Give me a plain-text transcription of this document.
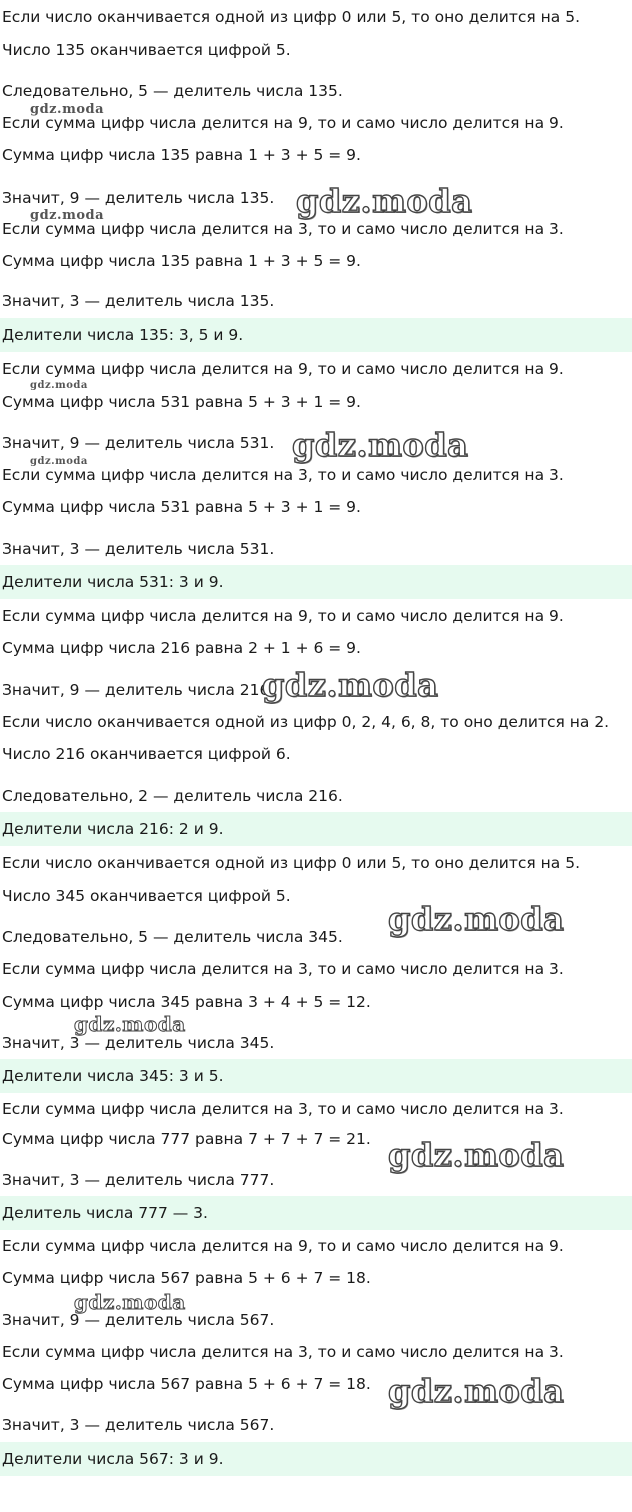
Если число оканчивается одной из цифр 0 или 5, то оно делится на 5.
Число 135 оканчивается цифрой 5.
Следовательно, 5 — делитель числа 135.
Если сумма цифр числа делится на 9, то и само число делится на 9.
Сумма цифр числа 135 равна 1 + 3 + 5 = 9.
Значит, 9 — делитель числа 135.
Если сумма цифр числа делится на 3, то и само число делится на 3.
Сумма цифр числа 135 равна 1 + 3 + 5 = 9.
Значит, 3 — делитель числа 135.
Делители числа 135: 3, 5 и 9.
Если сумма цифр числа делится на 9, то и само число делится на 9.
Сумма цифр числа 531 равна 5 + 3 + 1 = 9.
Значит, 9 — делитель числа 531.
Если сумма цифр числа делится на 3, то и само число делится на 3.
Сумма цифр числа 531 равна 5 + 3 + 1 = 9.
Значит, 3 — делитель числа 531.
Делители числа 531: 3 и 9.
Если сумма цифр числа делится на 9, то и само число делится на 9.
Сумма цифр числа 216 равна 2 + 1 + 6 = 9.
Значит, 9 — делитель числа 216.
Если число оканчивается одной из цифр 0, 2, 4, 6, 8, то оно делится на 2.
Число 216 оканчивается цифрой 6.
Следовательно, 2 — делитель числа 216.
Делители числа 216: 2 и 9.
Если число оканчивается одной из цифр 0 или 5, то оно делится на 5.
Число 345 оканчивается цифрой 5.
Следовательно, 5 — делитель числа 345.
Если сумма цифр числа делится на 3, то и само число делится на 3.
Сумма цифр числа 345 равна 3 + 4 + 5 = 12.
Значит, 3 — делитель числа 345.
Делители числа 345: 3 и 5.
Если сумма цифр числа делится на 3, то и само число делится на 3.
Сумма цифр числа 777 равна 7 + 7 + 7 = 21.
Значит, 3 — делитель числа 777.
Делитель числа 777 — 3.
Если сумма цифр числа делится на 9, то и само число делится на 9.
Сумма цифр числа 567 равна 5 + 6 + 7 = 18.
Значит, 9 — делитель числа 567.
Если сумма цифр числа делится на 3, то и само число делится на 3.
Сумма цифр числа 567 равна 5 + 6 + 7 = 18.
Значит, 3 — делитель числа 567.
Делители числа 567: 3 и 9.
gdz.moda
gdz.moda
gdz.moda
gdz.moda
gdz.moda
gdz.moda
gdz.moda
gdz.moda
gdz.moda
gdz.moda
gdz.moda
gdz.moda
